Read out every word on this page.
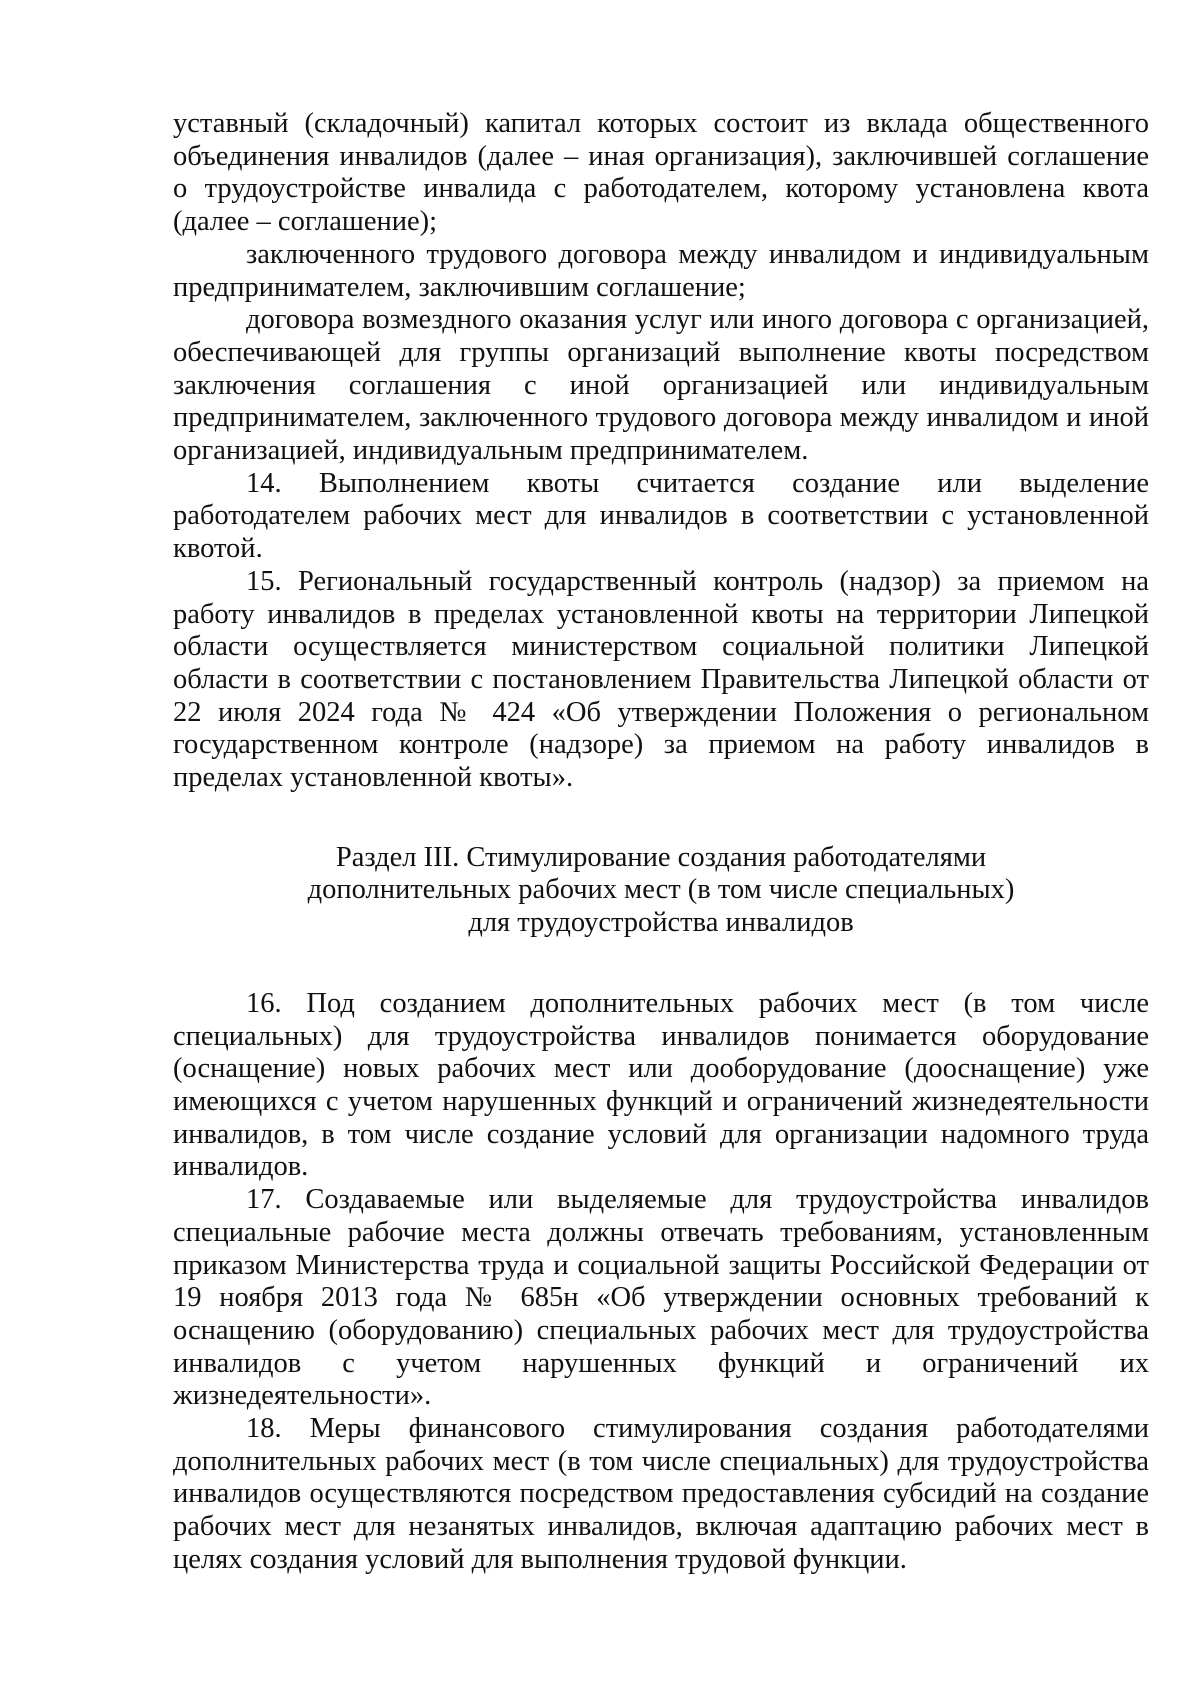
уставный (складочный) капитал которых состоит из вклада общественного объединения инвалидов (далее – иная организация), заключившей соглашение о трудоустройстве инвалида с работодателем, которому установлена квота (далее – соглашение);

заключенного трудового договора между инвалидом и индивидуальным предпринимателем, заключившим соглашение;

договора возмездного оказания услуг или иного договора с организацией, обеспечивающей для группы организаций выполнение квоты посредством заключения соглашения с иной организацией или индивидуальным предпринимателем, заключенного трудового договора между инвалидом и иной организацией, индивидуальным предпринимателем.

14. Выполнением квоты считается создание или выделение работодателем рабочих мест для инвалидов в соответствии с установленной квотой.

15. Региональный государственный контроль (надзор) за приемом на работу инвалидов в пределах установленной квоты на территории Липецкой области осуществляется министерством социальной политики Липецкой области в соответствии с постановлением Правительства Липецкой области от 22 июля 2024 года № 424 «Об утверждении Положения о региональном государственном контроле (надзоре) за приемом на работу инвалидов в пределах установленной квоты».

Раздел III. Стимулирование создания работодателями
дополнительных рабочих мест (в том числе специальных)
для трудоустройства инвалидов

16. Под созданием дополнительных рабочих мест (в том числе специальных) для трудоустройства инвалидов понимается оборудование (оснащение) новых рабочих мест или дооборудование (дооснащение) уже имеющихся с учетом нарушенных функций и ограничений жизнедеятельности инвалидов, в том числе создание условий для организации надомного труда инвалидов.

17. Создаваемые или выделяемые для трудоустройства инвалидов специальные рабочие места должны отвечать требованиям, установленным приказом Министерства труда и социальной защиты Российской Федерации от 19 ноября 2013 года № 685н «Об утверждении основных требований к оснащению (оборудованию) специальных рабочих мест для трудоустройства инвалидов с учетом нарушенных функций и ограничений их жизнедеятельности».

18. Меры финансового стимулирования создания работодателями дополнительных рабочих мест (в том числе специальных) для трудоустройства инвалидов осуществляются посредством предоставления субсидий на создание рабочих мест для незанятых инвалидов, включая адаптацию рабочих мест в целях создания условий для выполнения трудовой функции.
